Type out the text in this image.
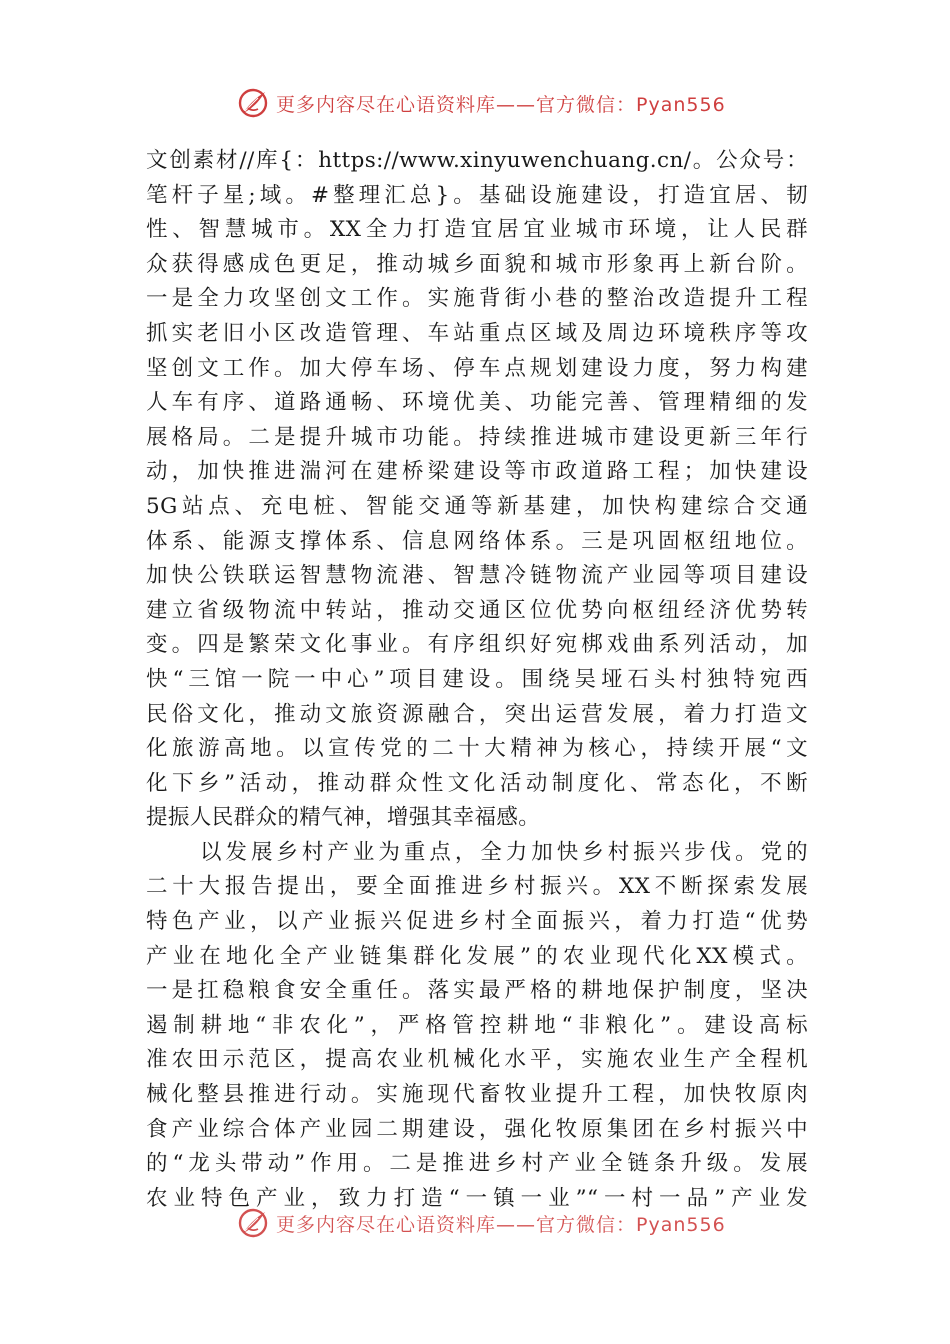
更多内容尽在心语资料库——官方微信：Pyan556

文创素材//库{：https://www.xinyuwenchuang.cn/。公众号：
笔杆子星;域。#整理汇总}。基础设施建设，打造宜居、韧
性、智慧城市。XX全力打造宜居宜业城市环境，让人民群
众获得感成色更足，推动城乡面貌和城市形象再上新台阶。
一是全力攻坚创文工作。实施背街小巷的整治改造提升工程
抓实老旧小区改造管理、车站重点区域及周边环境秩序等攻
坚创文工作。加大停车场、停车点规划建设力度，努力构建
人车有序、道路通畅、环境优美、功能完善、管理精细的发
展格局。二是提升城市功能。持续推进城市建设更新三年行
动，加快推进湍河在建桥梁建设等市政道路工程；加快建设
5G站点、充电桩、智能交通等新基建，加快构建综合交通
体系、能源支撑体系、信息网络体系。三是巩固枢纽地位。
加快公铁联运智慧物流港、智慧冷链物流产业园等项目建设
建立省级物流中转站，推动交通区位优势向枢纽经济优势转
变。四是繁荣文化事业。有序组织好宛梆戏曲系列活动，加
快“三馆一院一中心”项目建设。围绕吴垭石头村独特宛西
民俗文化，推动文旅资源融合，突出运营发展，着力打造文
化旅游高地。以宣传党的二十大精神为核心，持续开展“文
化下乡”活动，推动群众性文化活动制度化、常态化，不断
提振人民群众的精气神，增强其幸福感。

以发展乡村产业为重点，全力加快乡村振兴步伐。党的
二十大报告提出，要全面推进乡村振兴。XX不断探索发展
特色产业，以产业振兴促进乡村全面振兴，着力打造“优势
产业在地化全产业链集群化发展”的农业现代化XX模式。
一是扛稳粮食安全重任。落实最严格的耕地保护制度，坚决
遏制耕地“非农化”，严格管控耕地“非粮化”。建设高标
准农田示范区，提高农业机械化水平，实施农业生产全程机
械化整县推进行动。实施现代畜牧业提升工程，加快牧原肉
食产业综合体产业园二期建设，强化牧原集团在乡村振兴中
的“龙头带动”作用。二是推进乡村产业全链条升级。发展
农业特色产业，致力打造“一镇一业”“一村一品”产业发

更多内容尽在心语资料库——官方微信：Pyan556
